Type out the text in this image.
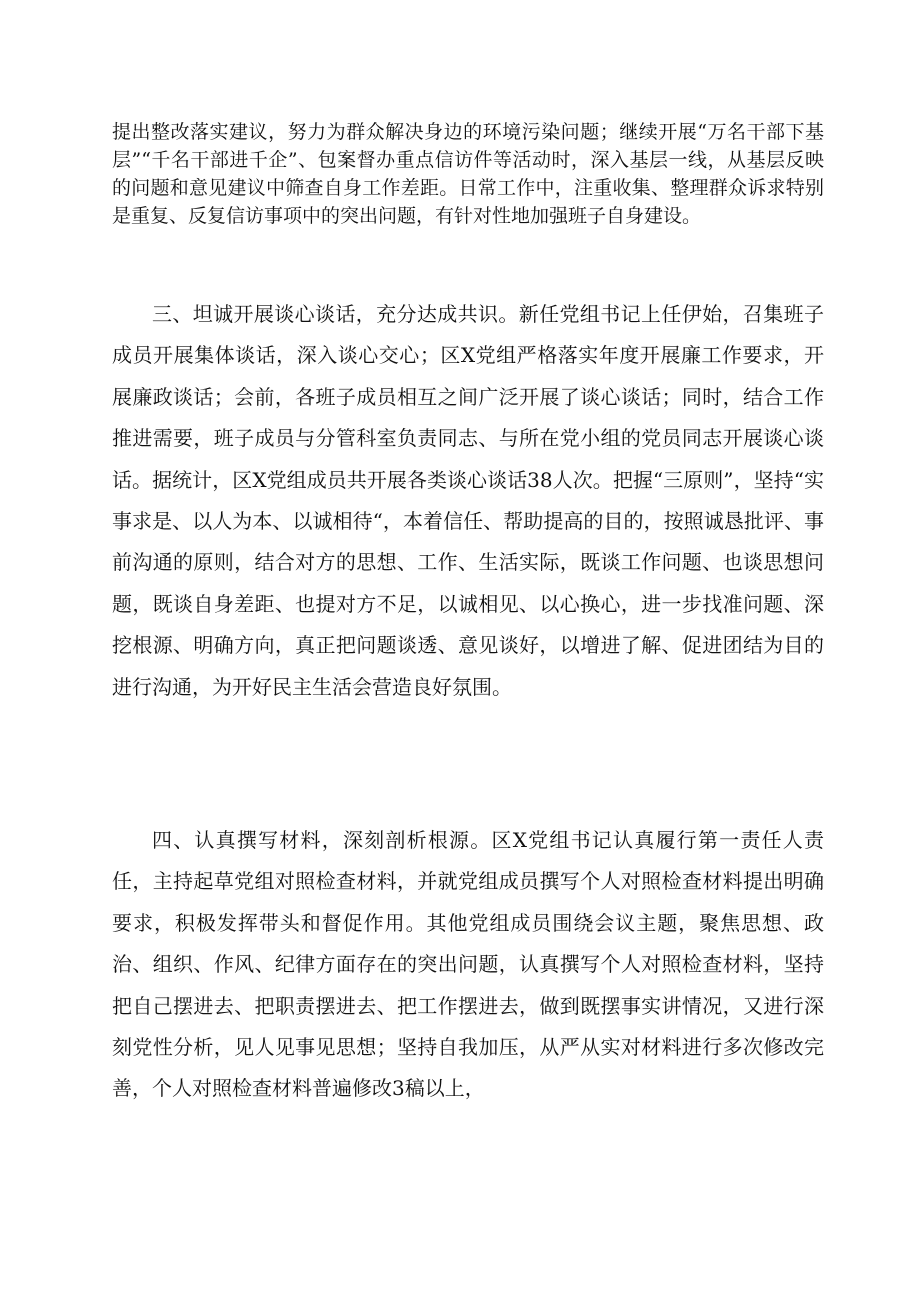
提出整改落实建议，努力为群众解决身边的环境污染问题；继续开展“万名干部下基层”“千名干部进千企”、包案督办重点信访件等活动时，深入基层一线，从基层反映的问题和意见建议中筛查自身工作差距。日常工作中，注重收集、整理群众诉求特别是重复、反复信访事项中的突出问题，有针对性地加强班子自身建设。

三、坦诚开展谈心谈话，充分达成共识。新任党组书记上任伊始，召集班子成员开展集体谈话，深入谈心交心；区X党组严格落实年度开展廉工作要求，开展廉政谈话；会前，各班子成员相互之间广泛开展了谈心谈话；同时，结合工作推进需要，班子成员与分管科室负责同志、与所在党小组的党员同志开展谈心谈话。据统计，区X党组成员共开展各类谈心谈话38人次。把握“三原则”，坚持“实事求是、以人为本、以诚相待“，本着信任、帮助提高的目的，按照诚恳批评、事前沟通的原则，结合对方的思想、工作、生活实际，既谈工作问题、也谈思想问题，既谈自身差距、也提对方不足，以诚相见、以心换心，进一步找准问题、深挖根源、明确方向，真正把问题谈透、意见谈好，以增进了解、促进团结为目的进行沟通，为开好民主生活会营造良好氛围。

四、认真撰写材料，深刻剖析根源。区X党组书记认真履行第一责任人责任，主持起草党组对照检查材料，并就党组成员撰写个人对照检查材料提出明确要求，积极发挥带头和督促作用。其他党组成员围绕会议主题，聚焦思想、政治、组织、作风、纪律方面存在的突出问题，认真撰写个人对照检查材料，坚持把自己摆进去、把职责摆进去、把工作摆进去，做到既摆事实讲情况，又进行深刻党性分析，见人见事见思想；坚持自我加压，从严从实对材料进行多次修改完善，个人对照检查材料普遍修改3稿以上，
